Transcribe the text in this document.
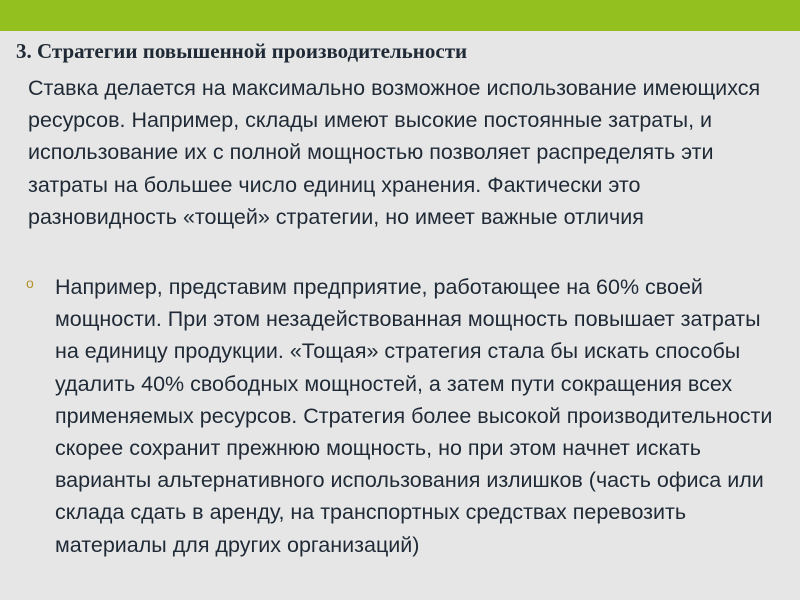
3. Стратегии повышенной производительности

Ставка делается на максимально возможное использование имеющихся ресурсов. Например, склады имеют высокие постоянные затраты, и использование их с полной мощностью позволяет распределять эти затраты на большее число единиц хранения. Фактически это разновидность «тощей» стратегии, но имеет важные отличия

o Например, представим предприятие, работающее на 60% своей мощности. При этом незадействованная мощность повышает затраты на единицу продукции. «Тощая» стратегия стала бы искать способы удалить 40% свободных мощностей, а затем пути сокращения всех применяемых ресурсов. Стратегия более высокой производительности скорее сохранит прежнюю мощность, но при этом начнет искать варианты альтернативного использования излишков (часть офиса или склада сдать в аренду, на транспортных средствах перевозить материалы для других организаций)
